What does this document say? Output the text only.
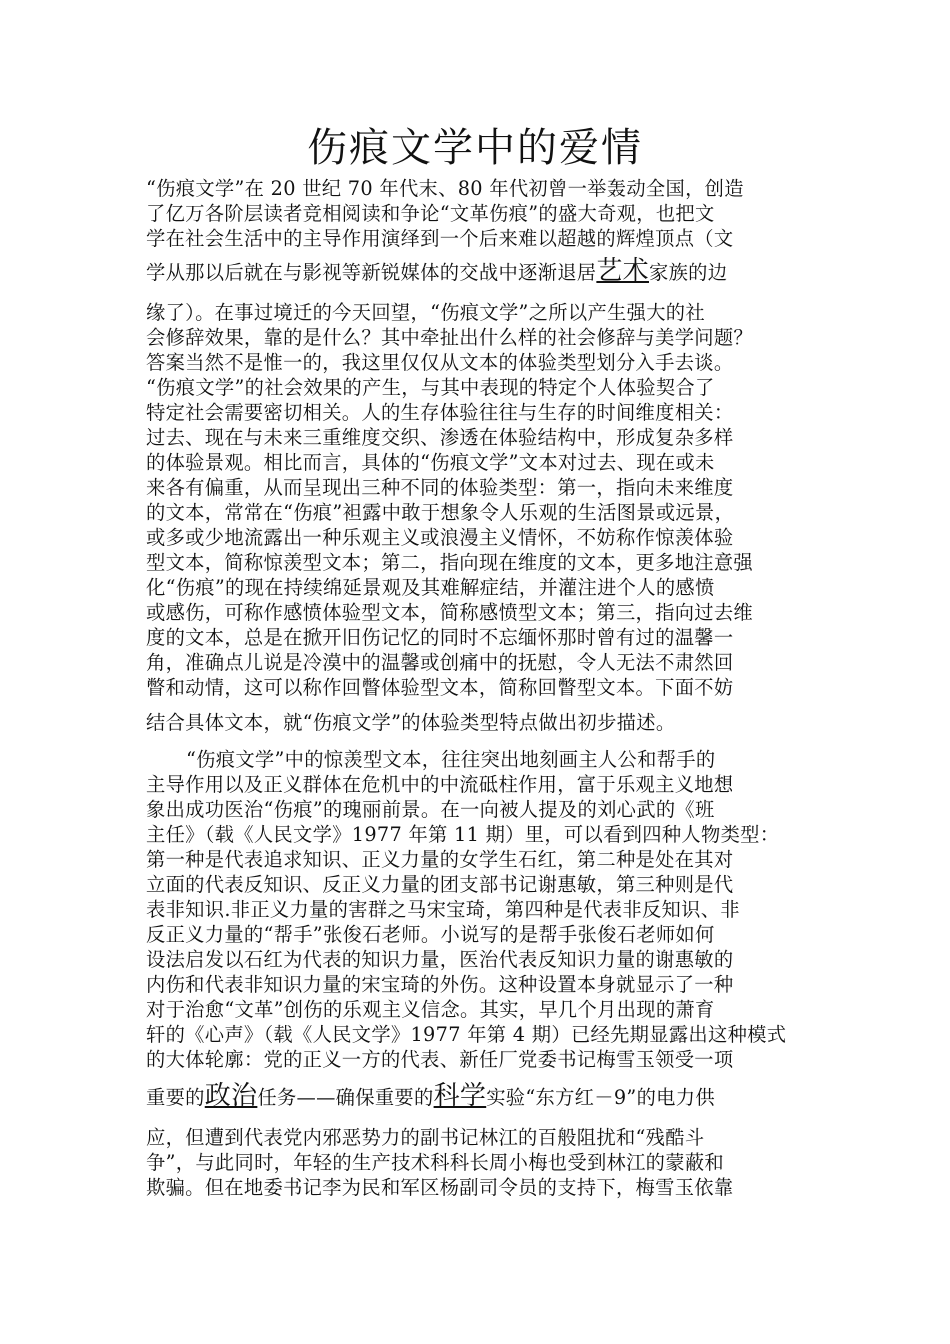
伤痕文学中的爱情
“伤痕文学”在 20 世纪 70 年代末、80 年代初曾一举轰动全国，创造
了亿万各阶层读者竞相阅读和争论“文革伤痕”的盛大奇观，也把文
学在社会生活中的主导作用演绎到一个后来难以超越的辉煌顶点（文
学从那以后就在与影视等新锐媒体的交战中逐渐退居艺术家族的边
缘了）。在事过境迁的今天回望，“伤痕文学”之所以产生强大的社
会修辞效果，靠的是什么？其中牵扯出什么样的社会修辞与美学问题？
答案当然不是惟一的，我这里仅仅从文本的体验类型划分入手去谈。
“伤痕文学”的社会效果的产生，与其中表现的特定个人体验契合了
特定社会需要密切相关。人的生存体验往往与生存的时间维度相关：
过去、现在与未来三重维度交织、渗透在体验结构中，形成复杂多样
的体验景观。相比而言，具体的“伤痕文学”文本对过去、现在或未
来各有偏重，从而呈现出三种不同的体验类型：第一，指向未来维度
的文本，常常在“伤痕”袒露中敢于想象令人乐观的生活图景或远景，
或多或少地流露出一种乐观主义或浪漫主义情怀，不妨称作惊羡体验
型文本，简称惊羡型文本；第二，指向现在维度的文本，更多地注意强
化“伤痕”的现在持续绵延景观及其难解症结，并灌注进个人的感愤
或感伤，可称作感愤体验型文本，简称感愤型文本；第三，指向过去维
度的文本，总是在掀开旧伤记忆的同时不忘缅怀那时曾有过的温馨一
角，准确点儿说是冷漠中的温馨或创痛中的抚慰，令人无法不肃然回
瞥和动情，这可以称作回瞥体验型文本，简称回瞥型文本。下面不妨
结合具体文本，就“伤痕文学”的体验类型特点做出初步描述。
“伤痕文学”中的惊羡型文本，往往突出地刻画主人公和帮手的
主导作用以及正义群体在危机中的中流砥柱作用，富于乐观主义地想
象出成功医治“伤痕”的瑰丽前景。在一向被人提及的刘心武的《班
主任》（载《人民文学》1977 年第 11 期）里，可以看到四种人物类型：
第一种是代表追求知识、正义力量的女学生石红，第二种是处在其对
立面的代表反知识、反正义力量的团支部书记谢惠敏，第三种则是代
表非知识.非正义力量的害群之马宋宝琦，第四种是代表非反知识、非
反正义力量的“帮手”张俊石老师。小说写的是帮手张俊石老师如何
设法启发以石红为代表的知识力量，医治代表反知识力量的谢惠敏的
内伤和代表非知识力量的宋宝琦的外伤。这种设置本身就显示了一种
对于治愈“文革”创伤的乐观主义信念。其实，早几个月出现的萧育
轩的《心声》（载《人民文学》1977 年第 4 期）已经先期显露出这种模式
的大体轮廓：党的正义一方的代表、新任厂党委书记梅雪玉领受一项
重要的政治任务——确保重要的科学实验“东方红－9”的电力供
应，但遭到代表党内邪恶势力的副书记林江的百般阻扰和“残酷斗
争”，与此同时，年轻的生产技术科科长周小梅也受到林江的蒙蔽和
欺骗。但在地委书记李为民和军区杨副司令员的支持下，梅雪玉依靠
